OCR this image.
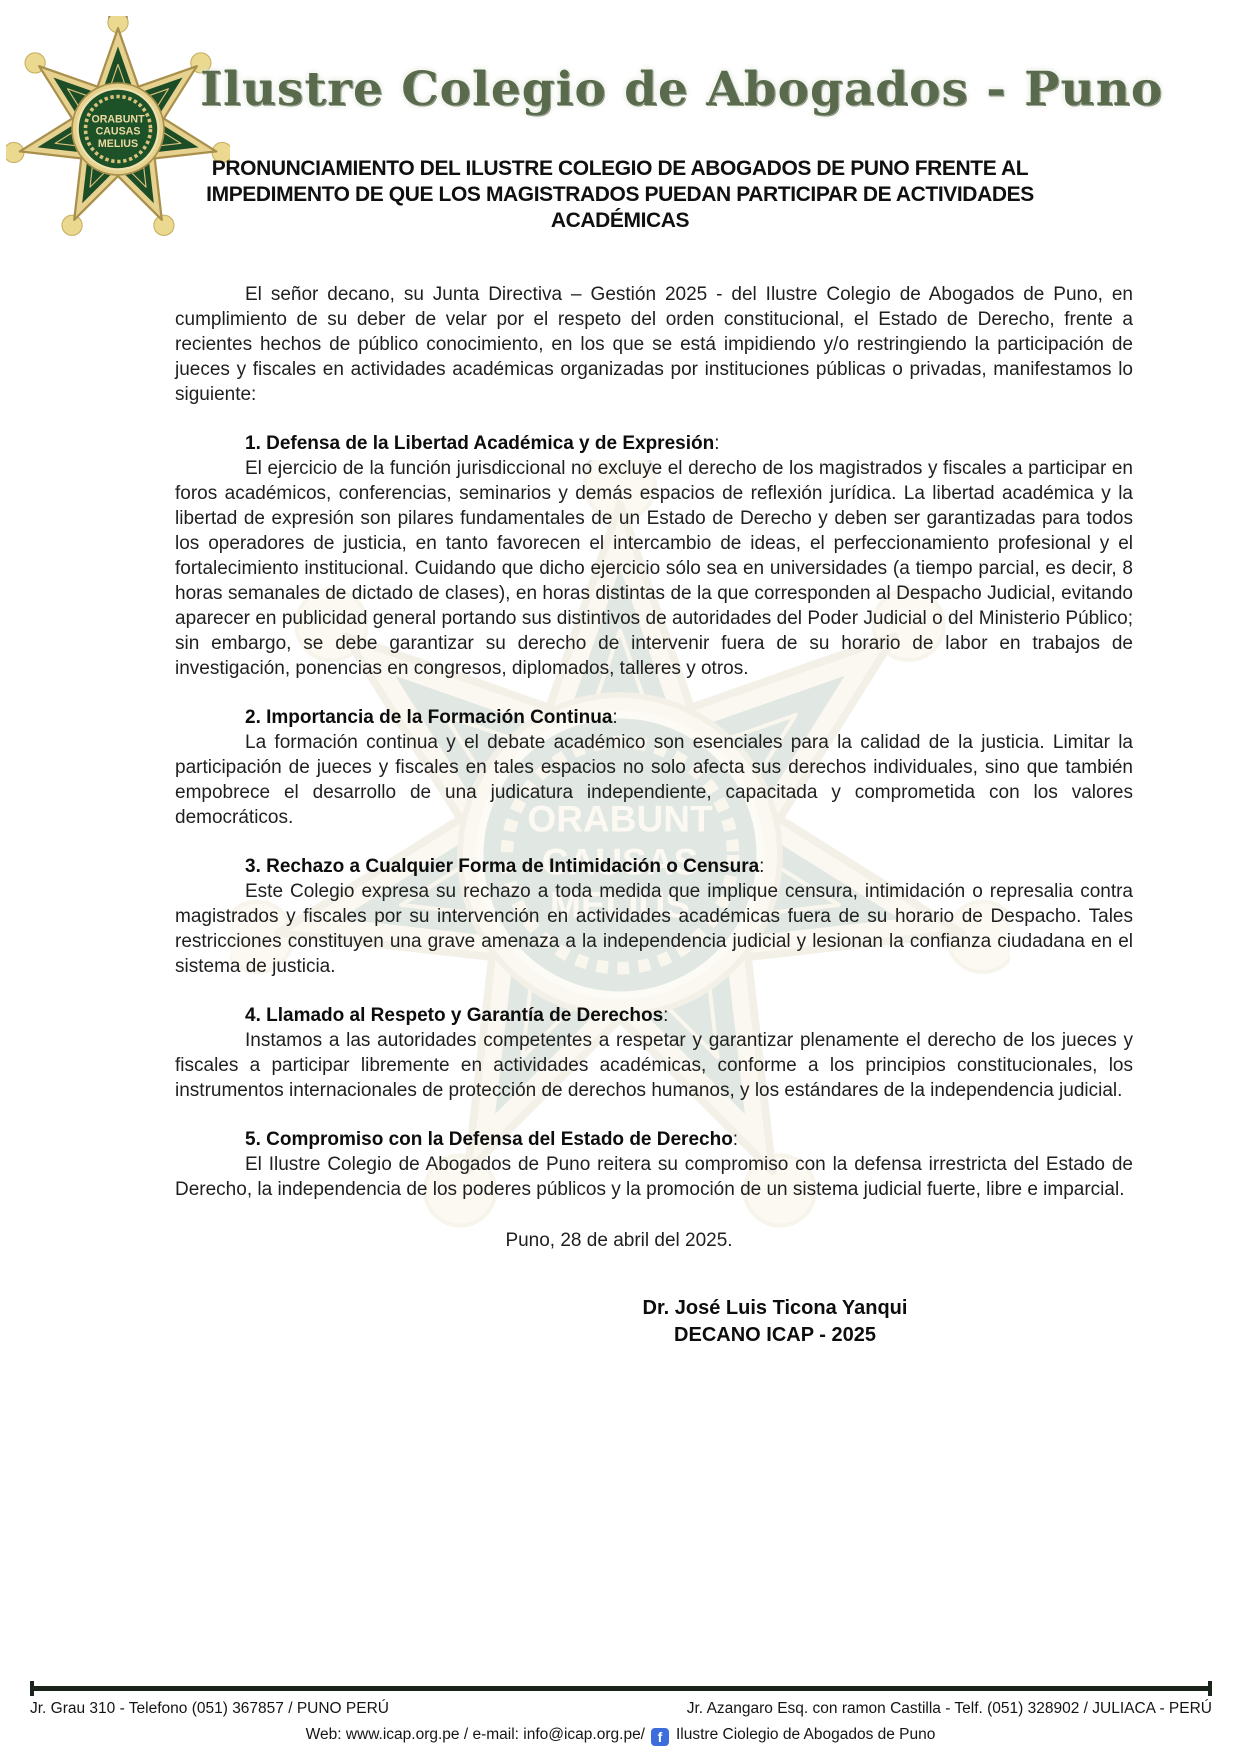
ORABUNT
CAUSAS
MELIUS
Ilustre Colegio de Abogados - Puno
PRONUNCIAMIENTO DEL ILUSTRE COLEGIO DE ABOGADOS DE PUNO FRENTE AL IMPEDIMENTO DE QUE LOS MAGISTRADOS PUEDAN PARTICIPAR DE ACTIVIDADES ACADÉMICAS

El señor decano, su Junta Directiva – Gestión 2025 - del Ilustre Colegio de Abogados de Puno, en cumplimiento de su deber de velar por el respeto del orden constitucional, el Estado de Derecho, frente a recientes hechos de público conocimiento, en los que se está impidiendo y/o restringiendo la participación de jueces y fiscales en actividades académicas organizadas por instituciones públicas o privadas, manifestamos lo siguiente:

1. Defensa de la Libertad Académica y de Expresión:

El ejercicio de la función jurisdiccional no excluye el derecho de los magistrados y fiscales a participar en foros académicos, conferencias, seminarios y demás espacios de reflexión jurídica. La libertad académica y la libertad de expresión son pilares fundamentales de un Estado de Derecho y deben ser garantizadas para todos los operadores de justicia, en tanto favorecen el intercambio de ideas, el perfeccionamiento profesional y el fortalecimiento institucional. Cuidando que dicho ejercicio sólo sea en universidades (a tiempo parcial, es decir, 8 horas semanales de dictado de clases), en horas distintas de la que corresponden al Despacho Judicial, evitando aparecer en publicidad general portando sus distintivos de autoridades del Poder Judicial o del Ministerio Público; sin embargo, se debe garantizar su derecho de intervenir fuera de su horario de labor en trabajos de investigación, ponencias en congresos, diplomados, talleres y otros.

2. Importancia de la Formación Continua:

La formación continua y el debate académico son esenciales para la calidad de la justicia. Limitar la participación de jueces y fiscales en tales espacios no solo afecta sus derechos individuales, sino que también empobrece el desarrollo de una judicatura independiente, capacitada y comprometida con los valores democráticos.

3. Rechazo a Cualquier Forma de Intimidación o Censura:

Este Colegio expresa su rechazo a toda medida que implique censura, intimidación o represalia contra magistrados y fiscales por su intervención en actividades académicas fuera de su horario de Despacho. Tales restricciones constituyen una grave amenaza a la independencia judicial y lesionan la confianza ciudadana en el sistema de justicia.

4. Llamado al Respeto y Garantía de Derechos:

Instamos a las autoridades competentes a respetar y garantizar plenamente el derecho de los jueces y fiscales a participar libremente en actividades académicas, conforme a los principios constitucionales, los instrumentos internacionales de protección de derechos humanos, y los estándares de la independencia judicial.

5. Compromiso con la Defensa del Estado de Derecho:

El Ilustre Colegio de Abogados de Puno reitera su compromiso con la defensa irrestricta del Estado de Derecho, la independencia de los poderes públicos y la promoción de un sistema judicial fuerte, libre e imparcial.

Puno, 28 de abril del 2025.

Dr. José Luis Ticona Yanqui
DECANO ICAP - 2025
Jr. Grau 310 - Telefono (051) 367857 / PUNO PERÚ	Jr. Azangaro Esq. con ramon Castilla - Telf. (051) 328902 / JULIACA - PERÚ
Web: www.icap.org.pe / e-mail: info@icap.org.pe/ f Ilustre Ciolegio de Abogados de Puno
